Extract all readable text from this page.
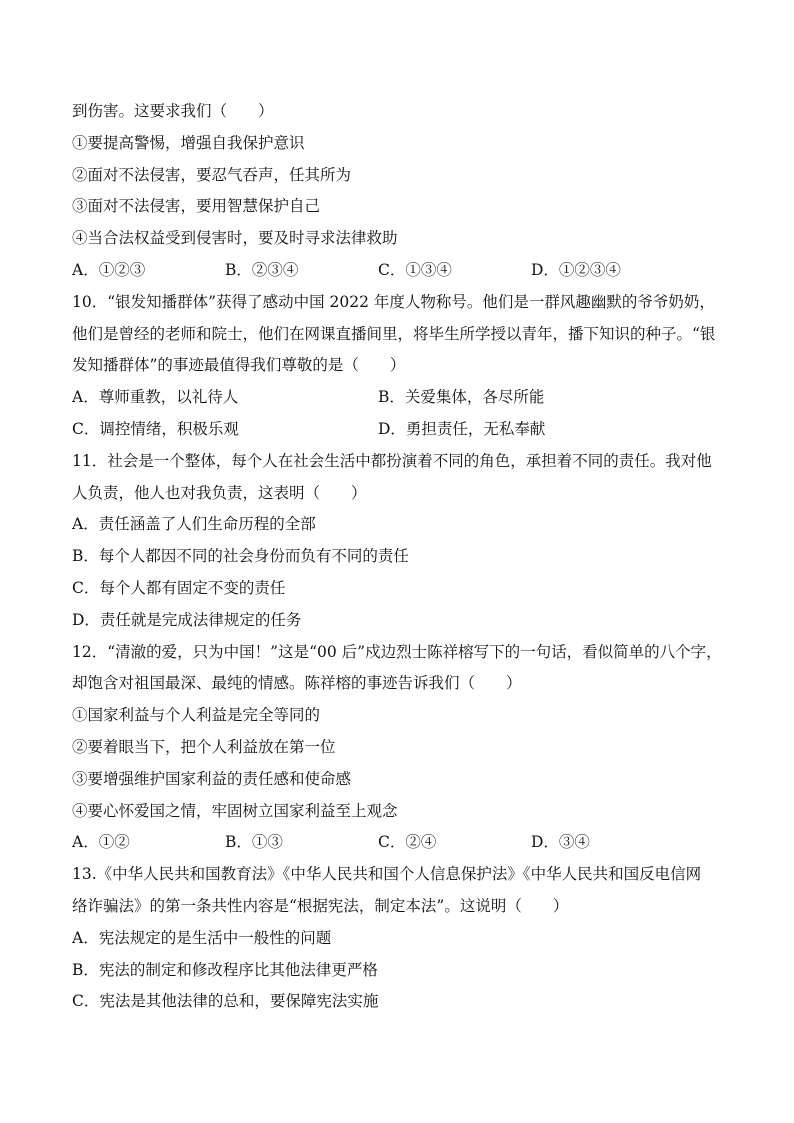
到伤害。这要求我们（　　）
①要提高警惕，增强自我保护意识
②面对不法侵害，要忍气吞声，任其所为
③面对不法侵害，要用智慧保护自己
④当合法权益受到侵害时，要及时寻求法律救助
A．①②③	B．②③④	C．①③④	D．①②③④
10．“银发知播群体”获得了感动中国 2022 年度人物称号。他们是一群风趣幽默的爷爷奶奶，
他们是曾经的老师和院士，他们在网课直播间里，将毕生所学授以青年，播下知识的种子。“银
发知播群体”的事迹最值得我们尊敬的是（　　）
A．尊师重教，以礼待人	B．关爱集体，各尽所能
C．调控情绪，积极乐观	D．勇担责任，无私奉献
11．社会是一个整体，每个人在社会生活中都扮演着不同的角色，承担着不同的责任。我对他
人负责，他人也对我负责，这表明（　　）
A．责任涵盖了人们生命历程的全部
B．每个人都因不同的社会身份而负有不同的责任
C．每个人都有固定不变的责任
D．责任就是完成法律规定的任务
12．“清澈的爱，只为中国！”这是“00 后”戍边烈士陈祥榕写下的一句话，看似简单的八个字，
却饱含对祖国最深、最纯的情感。陈祥榕的事迹告诉我们（　　）
①国家利益与个人利益是完全等同的
②要着眼当下，把个人利益放在第一位
③要增强维护国家利益的责任感和使命感
④要心怀爱国之情，牢固树立国家利益至上观念
A．①②	B．①③	C．②④	D．③④
13.《中华人民共和国教育法》《中华人民共和国个人信息保护法》《中华人民共和国反电信网
络诈骗法》的第一条共性内容是“根据宪法，制定本法”。这说明（　　）
A．宪法规定的是生活中一般性的问题
B．宪法的制定和修改程序比其他法律更严格
C．宪法是其他法律的总和，要保障宪法实施
